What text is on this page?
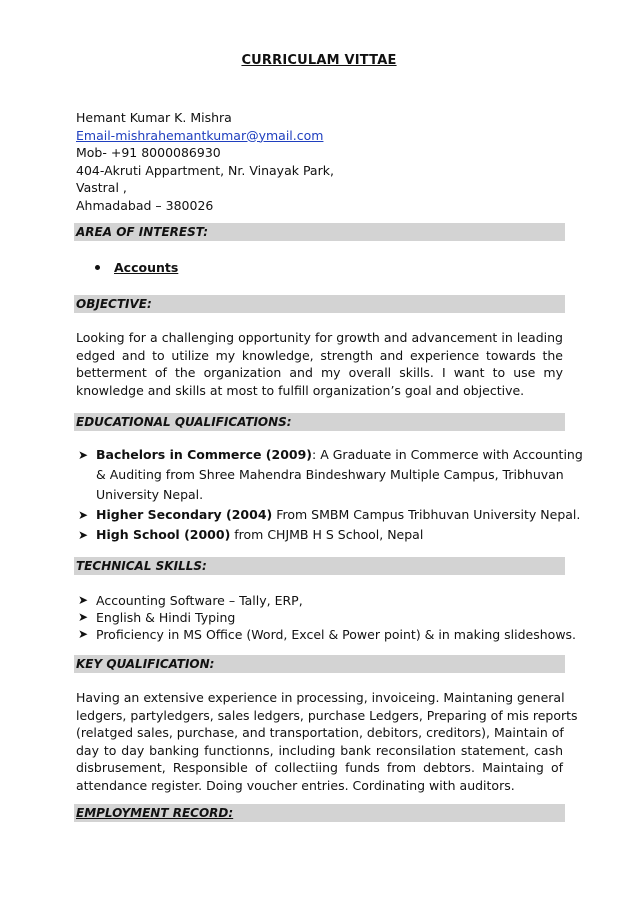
CURRICULAM VITTAE
Hemant Kumar K. Mishra
Email-mishrahemantkumar@ymail.com
Mob- +91 8000086930
404-Akruti Appartment, Nr. Vinayak Park,
Vastral ,
Ahmadabad – 380026
AREA OF INTEREST:
Accounts
OBJECTIVE:
Looking for a challenging opportunity for growth and advancement in leading
edged and to utilize my knowledge, strength and experience towards the
betterment of the organization and my overall skills. I want to use my
knowledge and skills at most to fulfill organization’s goal and objective.
EDUCATIONAL QUALIFICATIONS:
➤ Bachelors in Commerce (2009): A Graduate in Commerce with Accounting
& Auditing from Shree Mahendra Bindeshwary Multiple Campus, Tribhuvan
University Nepal.
➤ Higher Secondary (2004) From SMBM Campus Tribhuvan University Nepal.
➤ High School (2000) from CHJMB H S School, Nepal
TECHNICAL SKILLS:
➤ Accounting Software – Tally, ERP,
➤ English & Hindi Typing
➤ Proficiency in MS Office (Word, Excel & Power point) & in making slideshows.
KEY QUALIFICATION:
Having an extensive experience in processing, invoiceing. Maintaning general
ledgers, partyledgers, sales ledgers, purchase Ledgers, Preparing of mis reports
(relatged sales, purchase, and transportation, debitors, creditors), Maintain of
day to day banking functionns, including bank reconsilation statement, cash
disbrusement, Responsible of collectiing funds from debtors. Maintaing of
attendance register. Doing voucher entries. Cordinating with auditors.
EMPLOYMENT RECORD:
